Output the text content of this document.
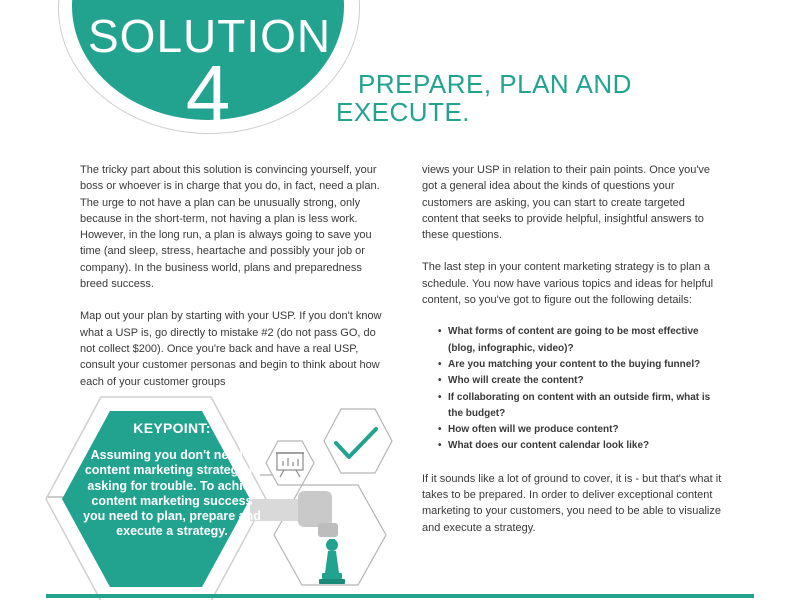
SOLUTION
4	PREPARE, PLAN AND
EXECUTE.

The tricky part about this solution is convincing yourself, your boss or whoever is in charge that you do, in fact, need a plan. The urge to not have a plan can be unusually strong, only because in the short-term, not having a plan is less work. However, in the long run, a plan is always going to save you time (and sleep, stress, heartache and possibly your job or company). In the business world, plans and preparedness breed success.

Map out your plan by starting with your USP. If you don't know what a USP is, go directly to mistake #2 (do not pass GO, do not collect $200). Once you're back and have a real USP, consult your customer personas and begin to think about how each of your customer groups

views your USP in relation to their pain points. Once you've got a general idea about the kinds of questions your customers are asking, you can start to create targeted content that seeks to provide helpful, insightful answers to these questions.

The last step in your content marketing strategy is to plan a schedule. You now have various topics and ideas for helpful content, so you've got to figure out the following details:

• What forms of content are going to be most effective (blog, infographic, video)?
• Are you matching your content to the buying funnel?
• Who will create the content?
• If collaborating on content with an outside firm, what is the budget?
• How often will we produce content?
• What does our content calendar look like?

If it sounds like a lot of ground to cover, it is - but that's what it takes to be prepared. In order to deliver exceptional content marketing to your customers, you need to be able to visualize and execute a strategy.

KEYPOINT:
Assuming you don't need a content marketing strategy is asking for trouble. To achiev content marketing success you need to plan, prepare and execute a strategy.
